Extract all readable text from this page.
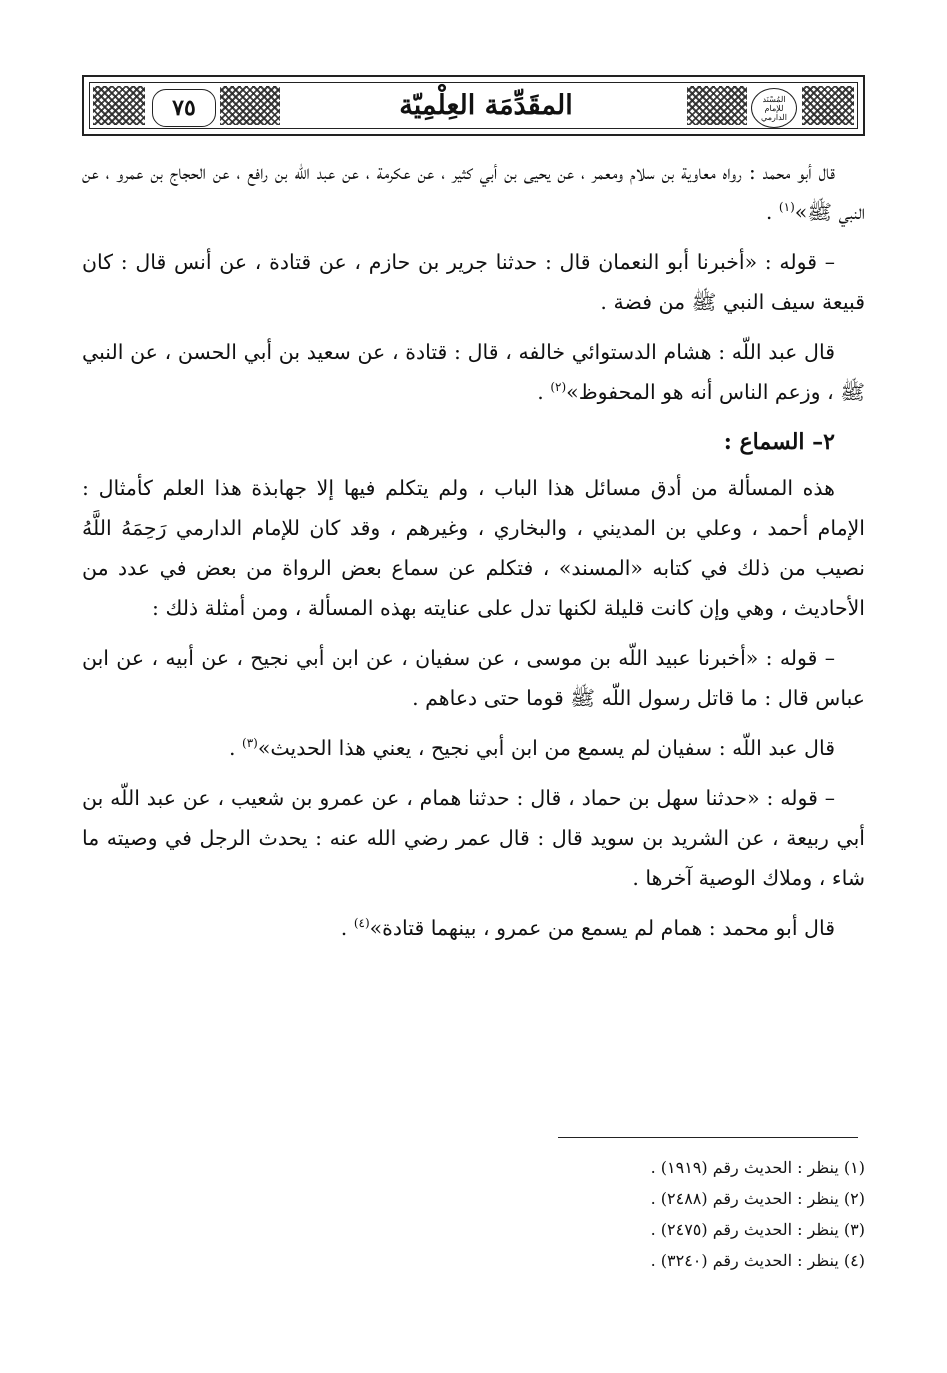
٧٥	المقَدِّمَة العِلْمِيّة	المُسْنَد للإمام الدارمي

قال أبو محمد : رواه معاوية بن سلام ومعمر ، عن يحيى بن أبي كثير ، عن عكرمة ، عن عبد اللّه بن رافع ، عن الحجاج بن عمرو ، عن النبي ﷺ»$^{(١)}$ .

– قوله : «أخبرنا أبو النعمان قال : حدثنا جرير بن حازم ، عن قتادة ، عن أنس قال : كان قبيعة سيف النبي ﷺ من فضة .

قال عبد اللّه : هشام الدستوائي خالفه ، قال : قتادة ، عن سعيد بن أبي الحسن ، عن النبي ﷺ ، وزعم الناس أنه هو المحفوظ»$^{(٢)}$ .

٢– السماع :

هذه المسألة من أدق مسائل هذا الباب ، ولم يتكلم فيها إلا جهابذة هذا العلم كأمثال : الإمام أحمد ، وعلي بن المديني ، والبخاري ، وغيرهم ، وقد كان للإمام الدارمي رَحِمَهُ اللَّهُ نصيب من ذلك في كتابه «المسند» ، فتكلم عن سماع بعض الرواة من بعض في عدد من الأحاديث ، وهي وإن كانت قليلة لكنها تدل على عنايته بهذه المسألة ، ومن أمثلة ذلك :

– قوله : «أخبرنا عبيد اللّه بن موسى ، عن سفيان ، عن ابن أبي نجيح ، عن أبيه ، عن ابن عباس قال : ما قاتل رسول اللّه ﷺ قوما حتى دعاهم .

قال عبد اللّه : سفيان لم يسمع من ابن أبي نجيح ، يعني هذا الحديث»$^{(٣)}$ .

– قوله : «حدثنا سهل بن حماد ، قال : حدثنا همام ، عن عمرو بن شعيب ، عن عبد اللّه بن أبي ربيعة ، عن الشريد بن سويد قال : قال عمر رضي الله عنه : يحدث الرجل في وصيته ما شاء ، وملاك الوصية آخرها .

قال أبو محمد : همام لم يسمع من عمرو ، بينهما قتادة»$^{(٤)}$ .

(١) ينظر : الحديث رقم (١٩١٩) .

(٢) ينظر : الحديث رقم (٢٤٨٨) .

(٣) ينظر : الحديث رقم (٢٤٧٥) .

(٤) ينظر : الحديث رقم (٣٢٤٠) .
